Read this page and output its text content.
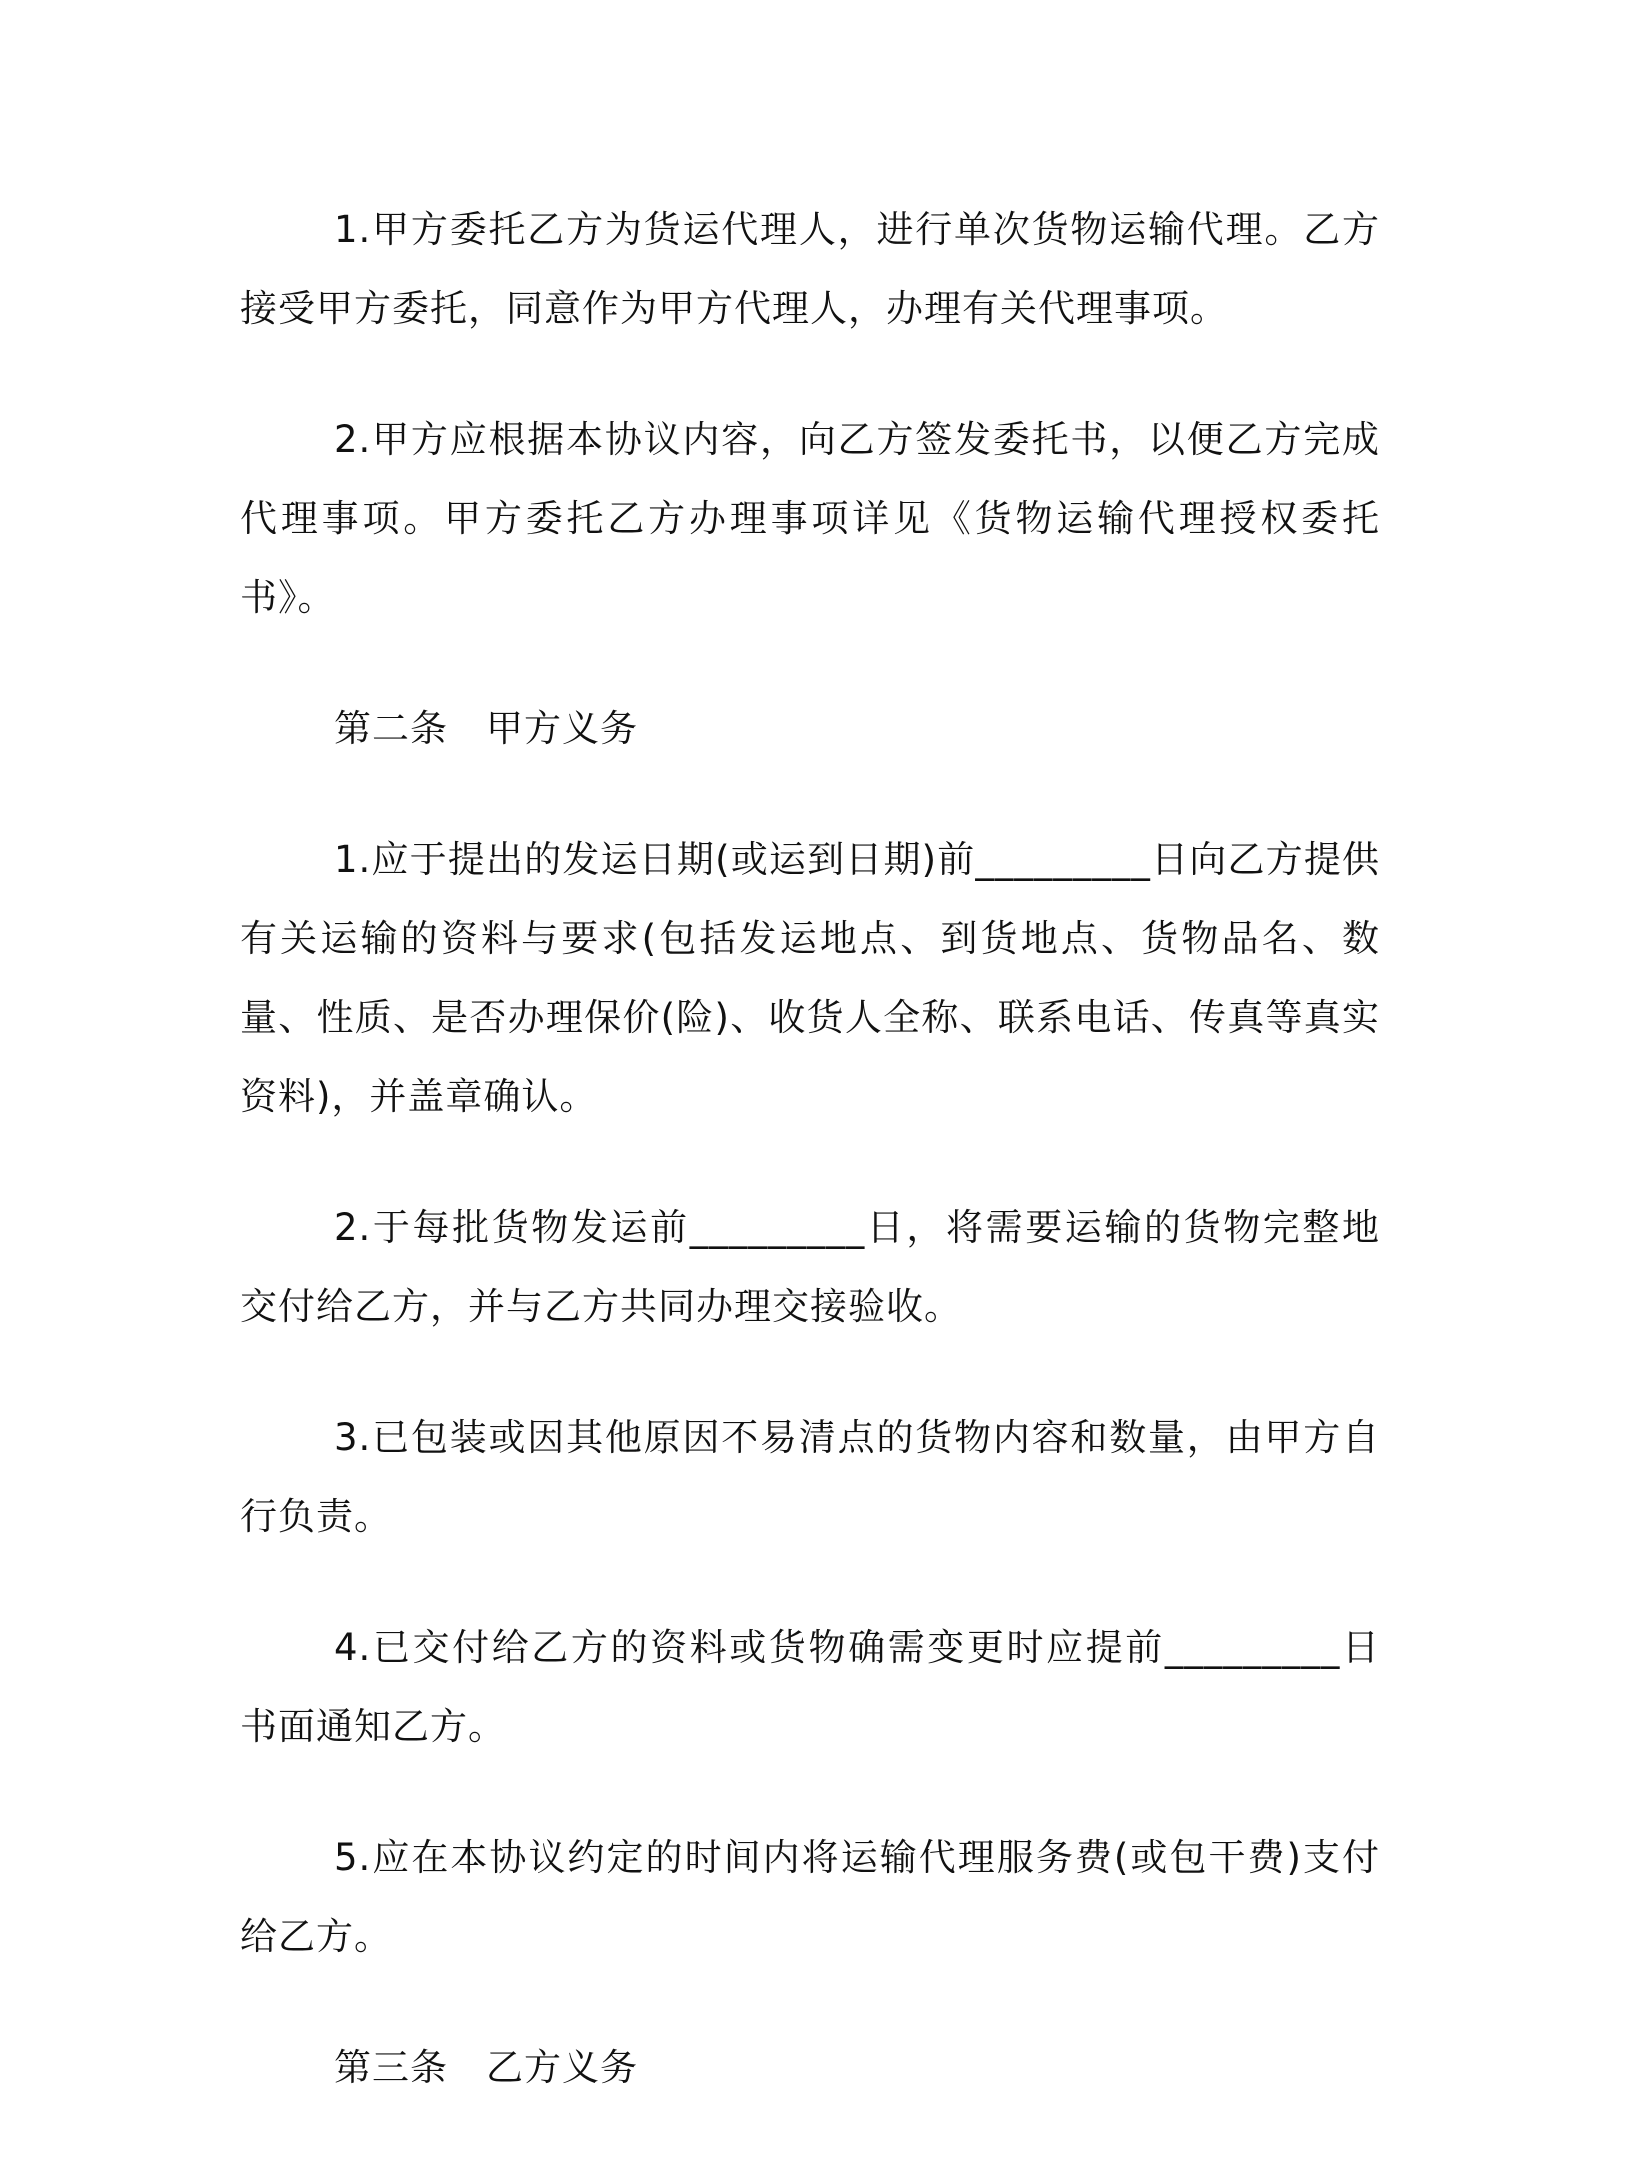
1.甲方委托乙方为货运代理人，进行单次货物运输代理。乙方接受甲方委托，同意作为甲方代理人，办理有关代理事项。

2.甲方应根据本协议内容，向乙方签发委托书，以便乙方完成代理事项。甲方委托乙方办理事项详见《货物运输代理授权委托书》。

第二条　甲方义务

1.应于提出的发运日期(或运到日期)前_________日向乙方提供有关运输的资料与要求(包括发运地点、到货地点、货物品名、数量、性质、是否办理保价(险)、收货人全称、联系电话、传真等真实资料)，并盖章确认。

2.于每批货物发运前_________日，将需要运输的货物完整地交付给乙方，并与乙方共同办理交接验收。

3.已包装或因其他原因不易清点的货物内容和数量，由甲方自行负责。

4.已交付给乙方的资料或货物确需变更时应提前_________日书面通知乙方。

5.应在本协议约定的时间内将运输代理服务费(或包干费)支付给乙方。

第三条　乙方义务
